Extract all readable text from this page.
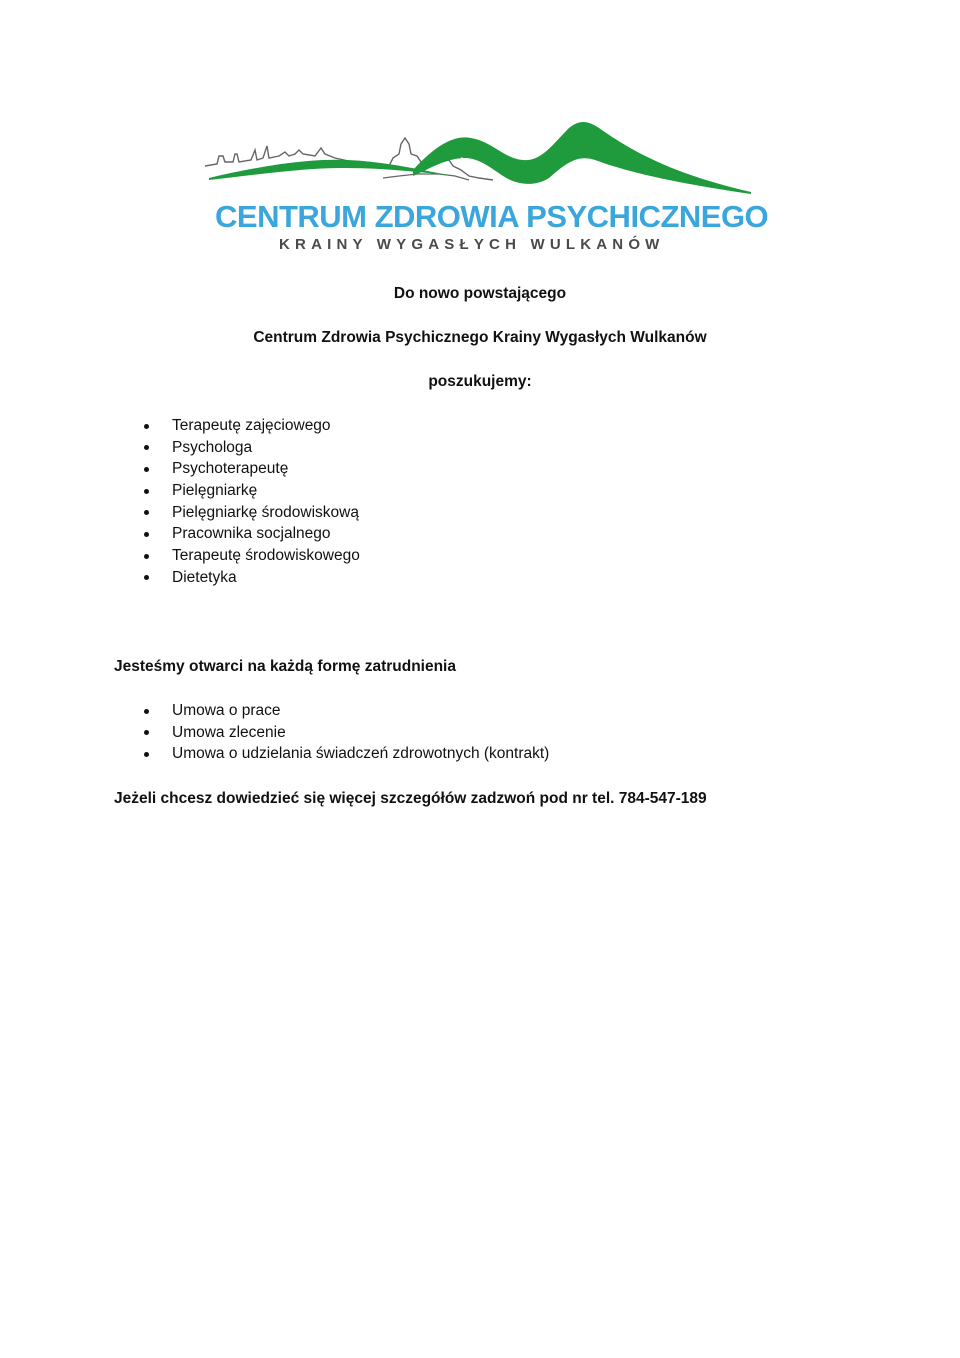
CENTRUM ZDROWIA PSYCHICZNEGO
KRAINY WYGASŁYCH WULKANÓW

Do nowo powstającego

Centrum Zdrowia Psychicznego Krainy Wygasłych Wulkanów

poszukujemy:

Terapeutę zajęciowego
Psychologa
Psychoterapeutę
Pielęgniarkę
Pielęgniarkę środowiskową
Pracownika socjalnego
Terapeutę środowiskowego
Dietetyka

Jesteśmy otwarci na każdą formę zatrudnienia

Umowa o prace
Umowa zlecenie
Umowa o udzielania świadczeń zdrowotnych (kontrakt)

Jeżeli chcesz dowiedzieć się więcej szczegółów zadzwoń pod nr tel. 784-547-189
